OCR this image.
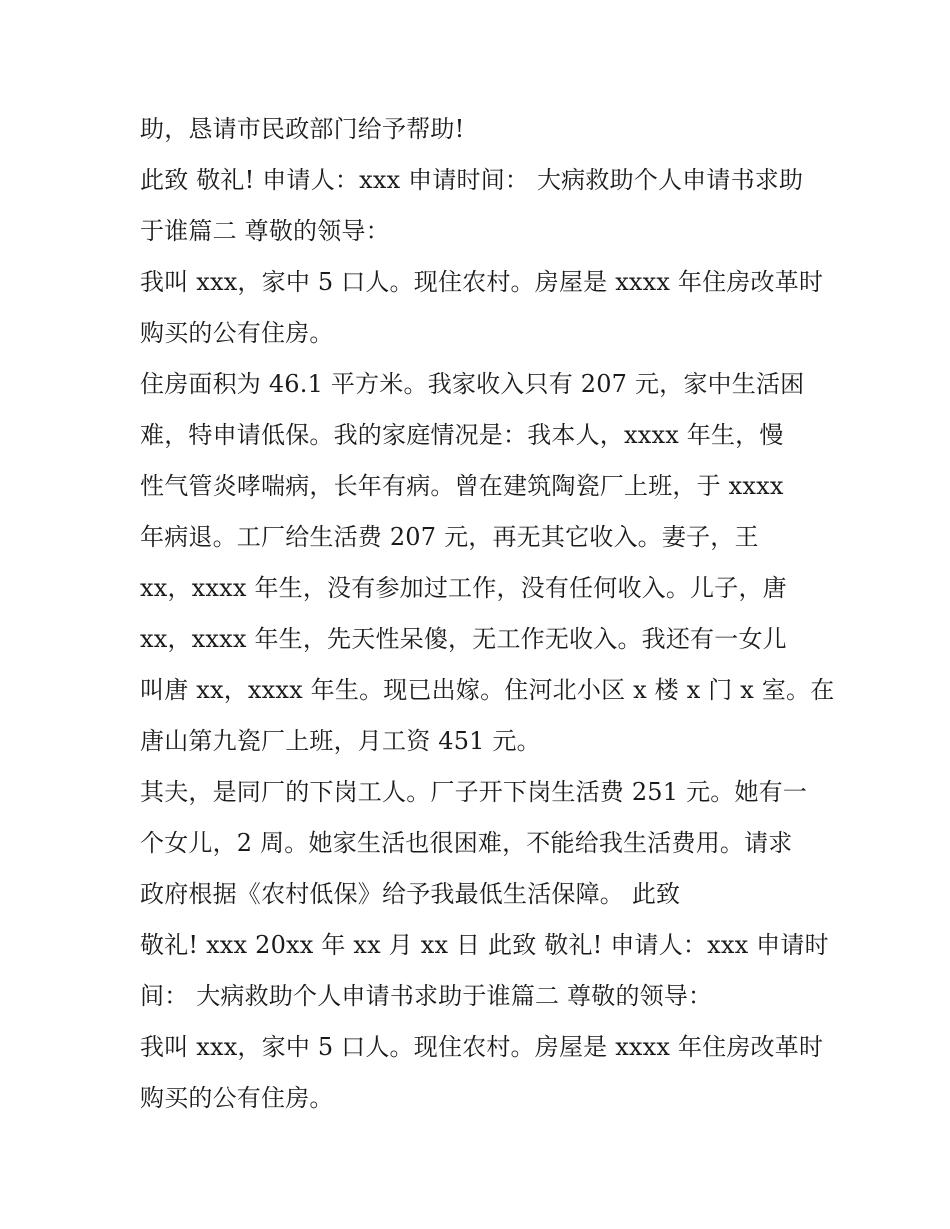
助，恳请市民政部门给予帮助!
此致 敬礼! 申请人：xxx 申请时间： 大病救助个人申请书求助
于谁篇二 尊敬的领导：
我叫 xxx，家中 5 口人。现住农村。房屋是 xxxx 年住房改革时
购买的公有住房。
住房面积为 46.1 平方米。我家收入只有 207 元，家中生活困
难，特申请低保。我的家庭情况是：我本人，xxxx 年生，慢
性气管炎哮喘病，长年有病。曾在建筑陶瓷厂上班，于 xxxx
年病退。工厂给生活费 207 元，再无其它收入。妻子，王
xx，xxxx 年生，没有参加过工作，没有任何收入。儿子，唐
xx，xxxx 年生，先天性呆傻，无工作无收入。我还有一女儿
叫唐 xx，xxxx 年生。现已出嫁。住河北小区 x 楼 x 门 x 室。在
唐山第九瓷厂上班，月工资 451 元。
其夫，是同厂的下岗工人。厂子开下岗生活费 251 元。她有一
个女儿，2 周。她家生活也很困难，不能给我生活费用。请求
政府根据《农村低保》给予我最低生活保障。 此致
敬礼! xxx 20xx 年 xx 月 xx 日 此致 敬礼! 申请人：xxx 申请时
间： 大病救助个人申请书求助于谁篇二 尊敬的领导：
我叫 xxx，家中 5 口人。现住农村。房屋是 xxxx 年住房改革时
购买的公有住房。
